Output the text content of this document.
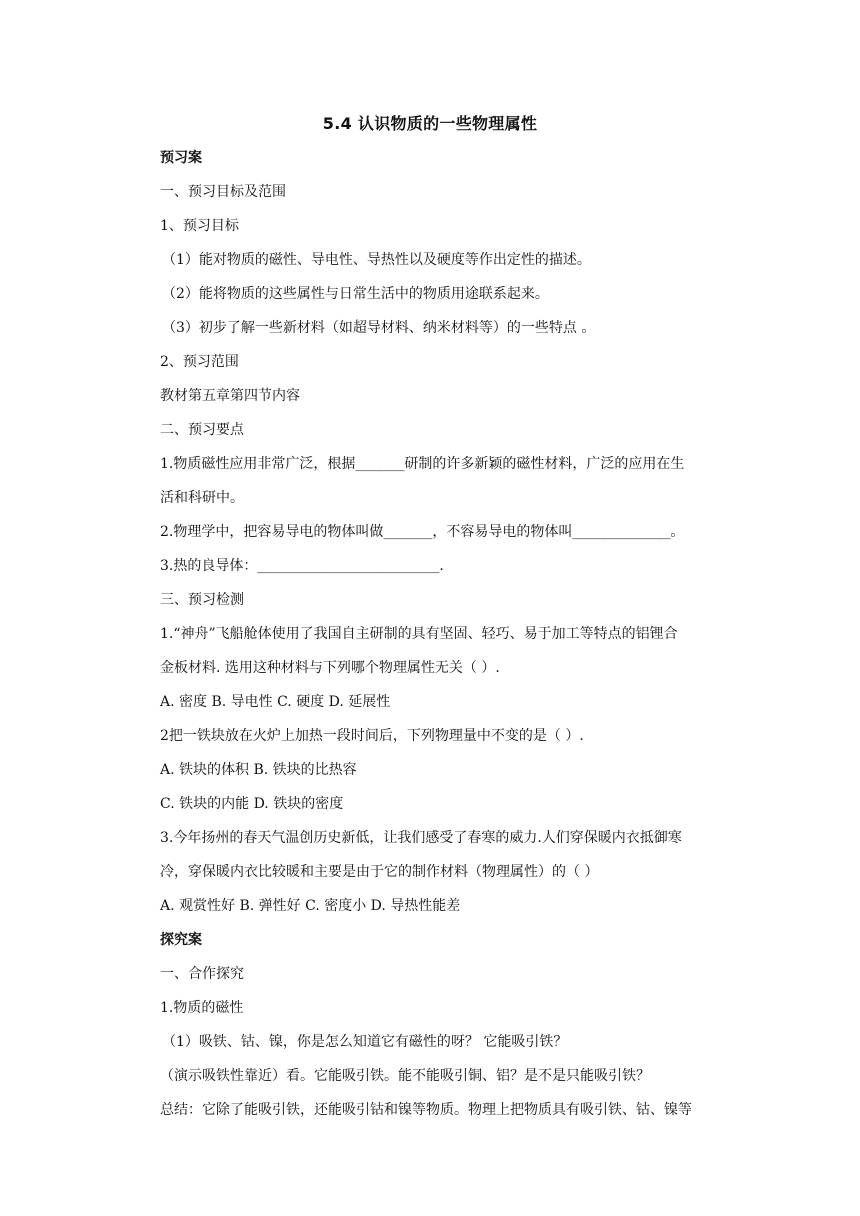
5.4 认识物质的一些物理属性
预习案
一、预习目标及范围
1、预习目标
（1）能对物质的磁性、导电性、导热性以及硬度等作出定性的描述。
（2）能将物质的这些属性与日常生活中的物质用途联系起来。
（3）初步了解一些新材料（如超导材料、纳米材料等）的一些特点 。
2、预习范围
教材第五章第四节内容
二、预习要点
1.物质磁性应用非常广泛，根据_______研制的许多新颖的磁性材料，广泛的应用在生
活和科研中。
2.物理学中，把容易导电的物体叫做_______，不容易导电的物体叫______________。
3.热的良导体：__________________________.
三、预习检测
1.“神舟”飞船舱体使用了我国自主研制的具有坚固、轻巧、易于加工等特点的铝锂合
金板材料. 选用这种材料与下列哪个物理属性无关（ ）.
A. 密度 B. 导电性 C. 硬度 D. 延展性
2把一铁块放在火炉上加热一段时间后，下列物理量中不变的是（ ）.
A. 铁块的体积 B. 铁块的比热容
C. 铁块的内能 D. 铁块的密度
3.今年扬州的春天气温创历史新低，让我们感受了春寒的威力.人们穿保暖内衣抵御寒
冷，穿保暖内衣比较暖和主要是由于它的制作材料（物理属性）的（ ）
A. 观赏性好 B. 弹性好 C. 密度小 D. 导热性能差
探究案
一、合作探究
1.物质的磁性
（1）吸铁、钴、镍，你是怎么知道它有磁性的呀？ 它能吸引铁？
（演示吸铁性靠近）看。它能吸引铁。能不能吸引铜、铝？是不是只能吸引铁？
总结：它除了能吸引铁，还能吸引钴和镍等物质。物理上把物质具有吸引铁、钴、镍等
